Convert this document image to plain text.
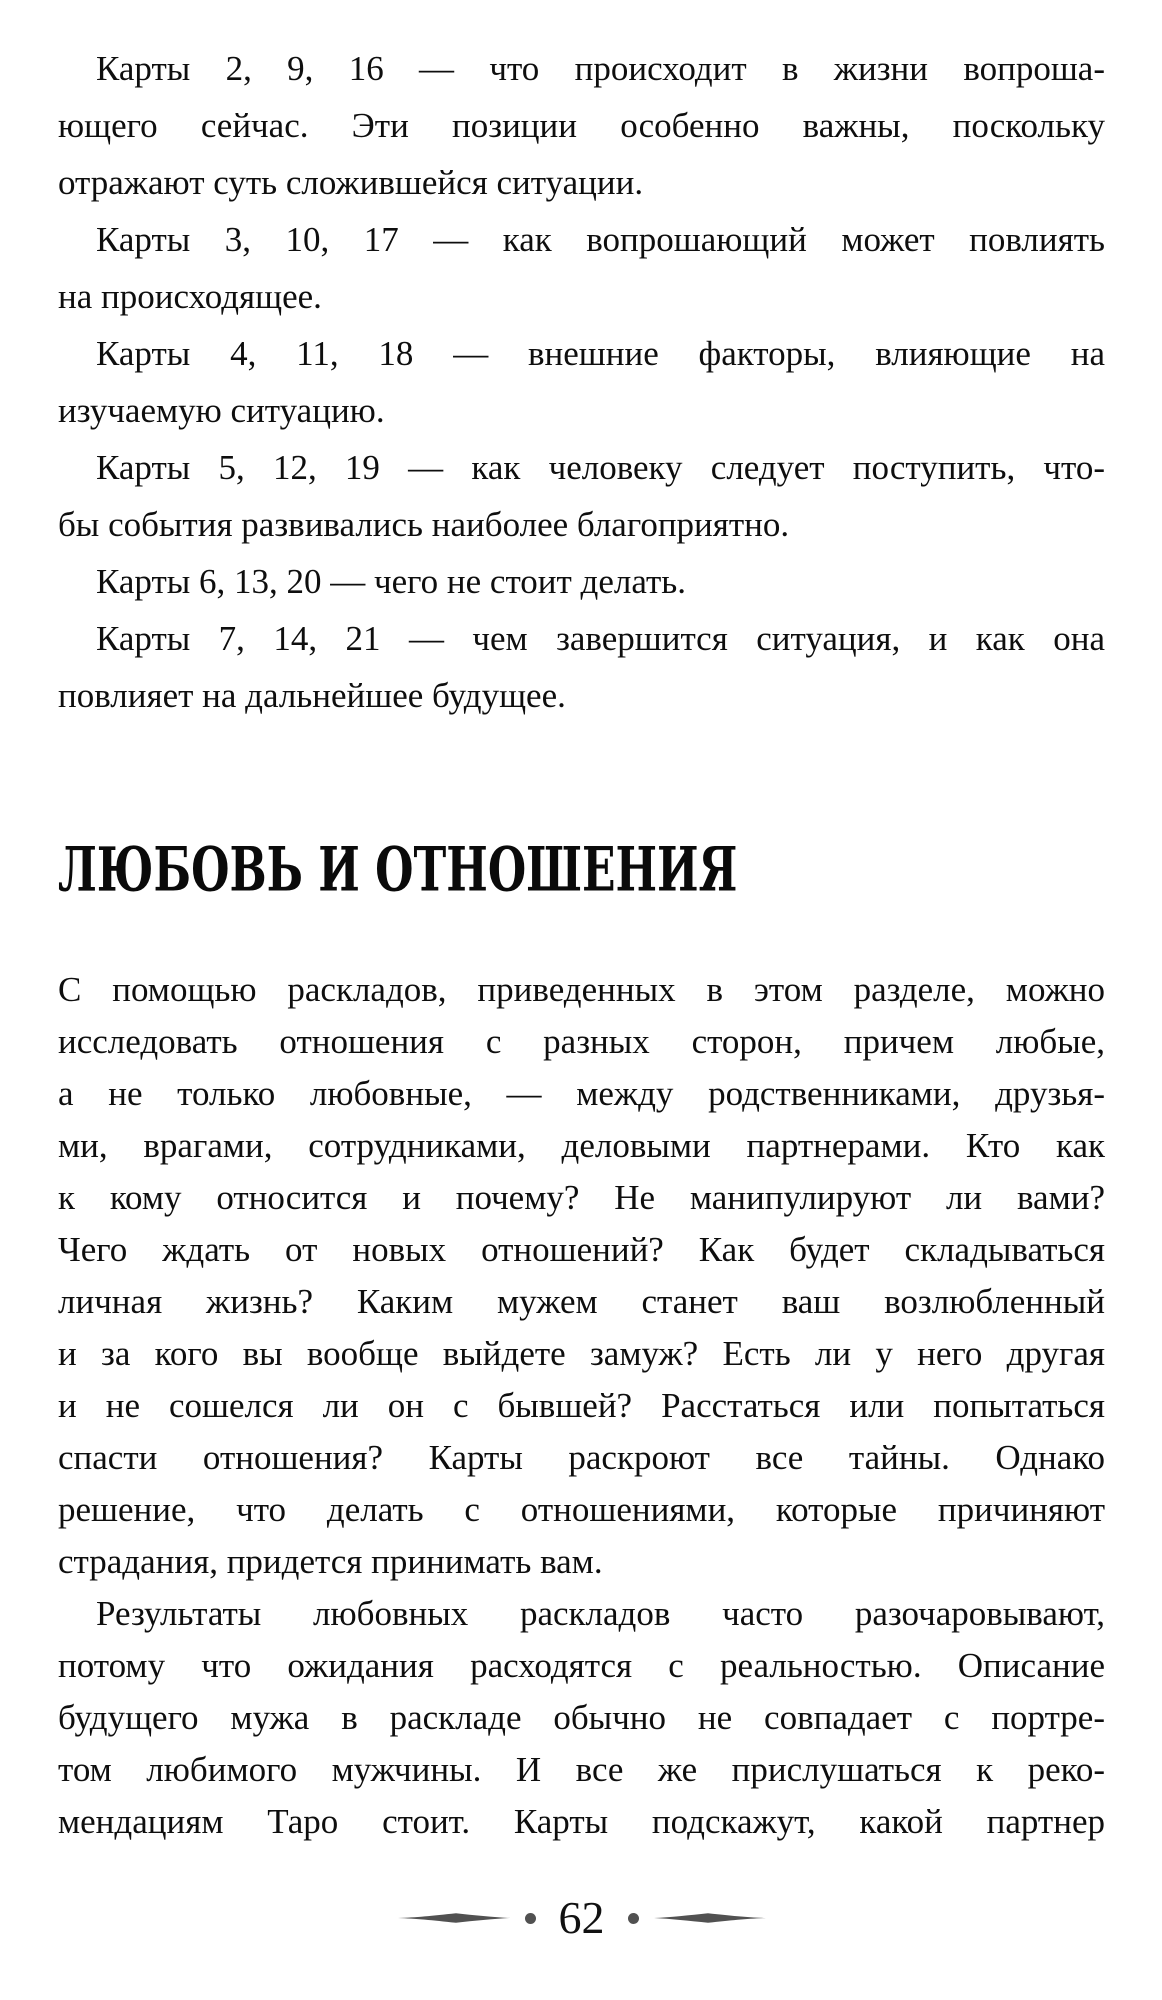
Карты 2, 9, 16 — что происходит в жизни вопроша-
ющего сейчас. Эти позиции особенно важны, поскольку
отражают суть сложившейся ситуации.
Карты 3, 10, 17 — как вопрошающий может повлиять
на происходящее.
Карты 4, 11, 18 — внешние факторы, влияющие на
изучаемую ситуацию.
Карты 5, 12, 19 — как человеку следует поступить, что-
бы события развивались наиболее благоприятно.
Карты 6, 13, 20 — чего не стоит делать.
Карты 7, 14, 21 — чем завершится ситуация, и как она
повлияет на дальнейшее будущее.
ЛЮБОВЬ И ОТНОШЕНИЯ
С помощью раскладов, приведенных в этом разделе, можно
исследовать отношения с разных сторон, причем любые,
а не только любовные, — между родственниками, друзья-
ми, врагами, сотрудниками, деловыми партнерами. Кто как
к кому относится и почему? Не манипулируют ли вами?
Чего ждать от новых отношений? Как будет складываться
личная жизнь? Каким мужем станет ваш возлюбленный
и за кого вы вообще выйдете замуж? Есть ли у него другая
и не сошелся ли он с бывшей? Расстаться или попытаться
спасти отношения? Карты раскроют все тайны. Однако
решение, что делать с отношениями, которые причиняют
страдания, придется принимать вам.
Результаты любовных раскладов часто разочаровывают,
потому что ожидания расходятся с реальностью. Описание
будущего мужа в раскладе обычно не совпадает с портре-
том любимого мужчины. И все же прислушаться к реко-
мендациям Таро стоит. Карты подскажут, какой партнер
62
